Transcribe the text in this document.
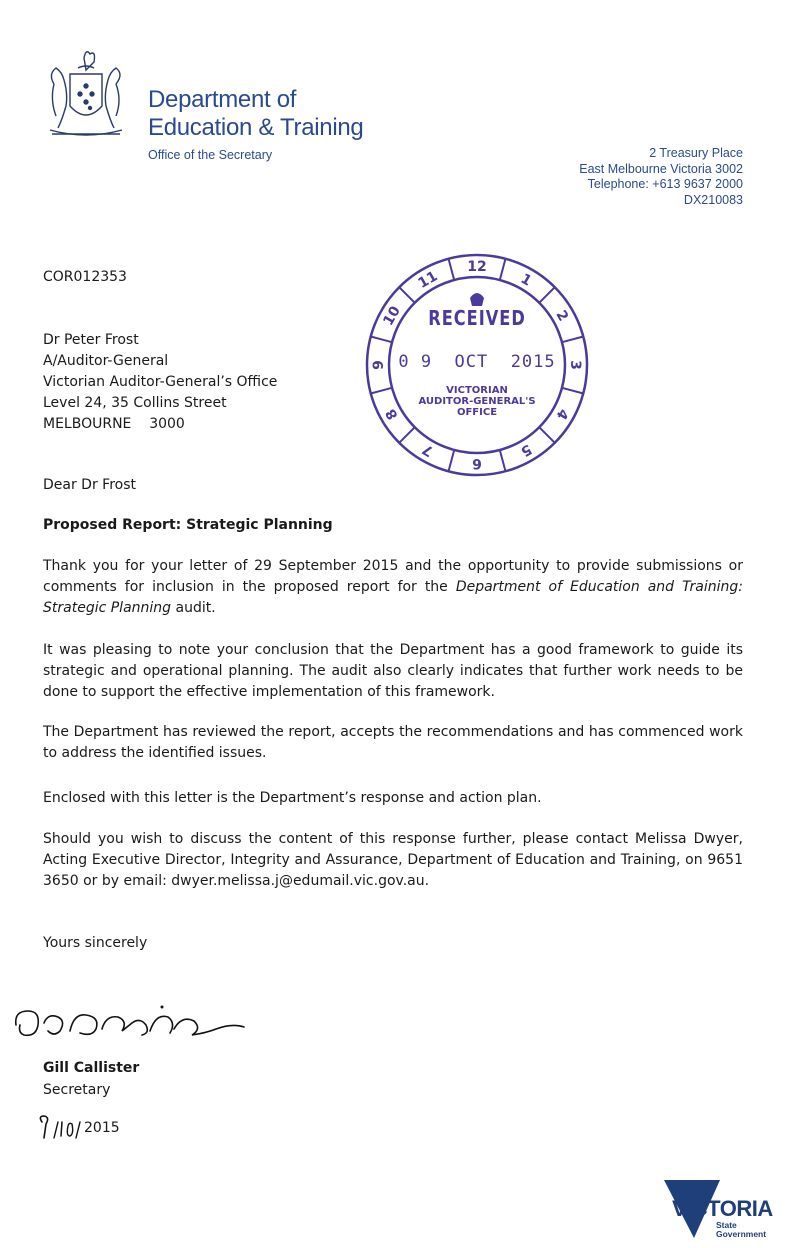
Department of
Education & Training
Office of the Secretary	2 Treasury Place
East Melbourne Victoria 3002
Telephone: +613 9637 2000
DX210083
COR012353
Dr Peter Frost
A/Auditor-General
Victorian Auditor-General’s Office
Level 24, 35 Collins Street
MELBOURNE    3000
1
2
3
4
5
6
7
8
9
10
11
12
RECEIVED
0 9  OCT  2015
VICTORIAN
AUDITOR-GENERAL'S
OFFICE
Dear Dr Frost
Proposed Report: Strategic Planning
Thank you for your letter of 29 September 2015 and the opportunity to provide submissions or comments for inclusion in the proposed report for the Department of Education and Training: Strategic Planning audit.
It was pleasing to note your conclusion that the Department has a good framework to guide its strategic and operational planning. The audit also clearly indicates that further work needs to be done to support the effective implementation of this framework.
The Department has reviewed the report, accepts the recommendations and has commenced work to address the identified issues.
Enclosed with this letter is the Department’s response and action plan.
Should you wish to discuss the content of this response further, please contact Melissa Dwyer, Acting Executive Director, Integrity and Assurance, Department of Education and Training, on 9651 3650 or by email: dwyer.melissa.j@edumail.vic.gov.au.
Yours sincerely
Gill Callister
Secretary
2015
VICTORIA
State
Government
